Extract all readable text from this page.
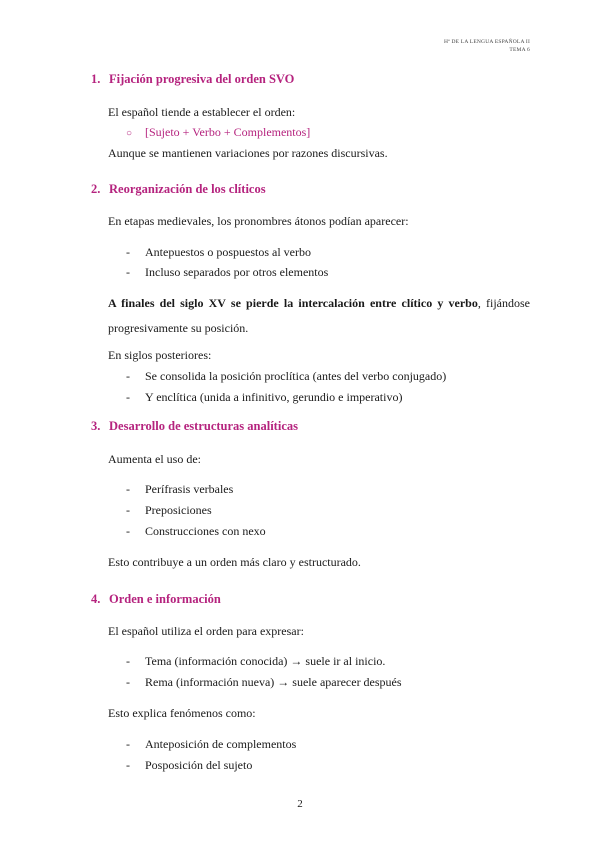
Hª DE LA LENGUA ESPAÑOLA II
TEMA 6
1. Fijación progresiva del orden SVO
El español tiende a establecer el orden:
○ [Sujeto + Verbo + Complementos]
Aunque se mantienen variaciones por razones discursivas.
2. Reorganización de los clíticos
En etapas medievales, los pronombres átonos podían aparecer:
- Antepuestos o pospuestos al verbo
- Incluso separados por otros elementos
A finales del siglo XV se pierde la intercalación entre clítico y verbo, fijándose progresivamente su posición.
En siglos posteriores:
- Se consolida la posición proclítica (antes del verbo conjugado)
- Y enclítica (unida a infinitivo, gerundio e imperativo)
3. Desarrollo de estructuras analíticas
Aumenta el uso de:
- Perífrasis verbales
- Preposiciones
- Construcciones con nexo
Esto contribuye a un orden más claro y estructurado.
4. Orden e información
El español utiliza el orden para expresar:
- Tema (información conocida) → suele ir al inicio.
- Rema (información nueva) → suele aparecer después
Esto explica fenómenos como:
- Anteposición de complementos
- Posposición del sujeto
2
